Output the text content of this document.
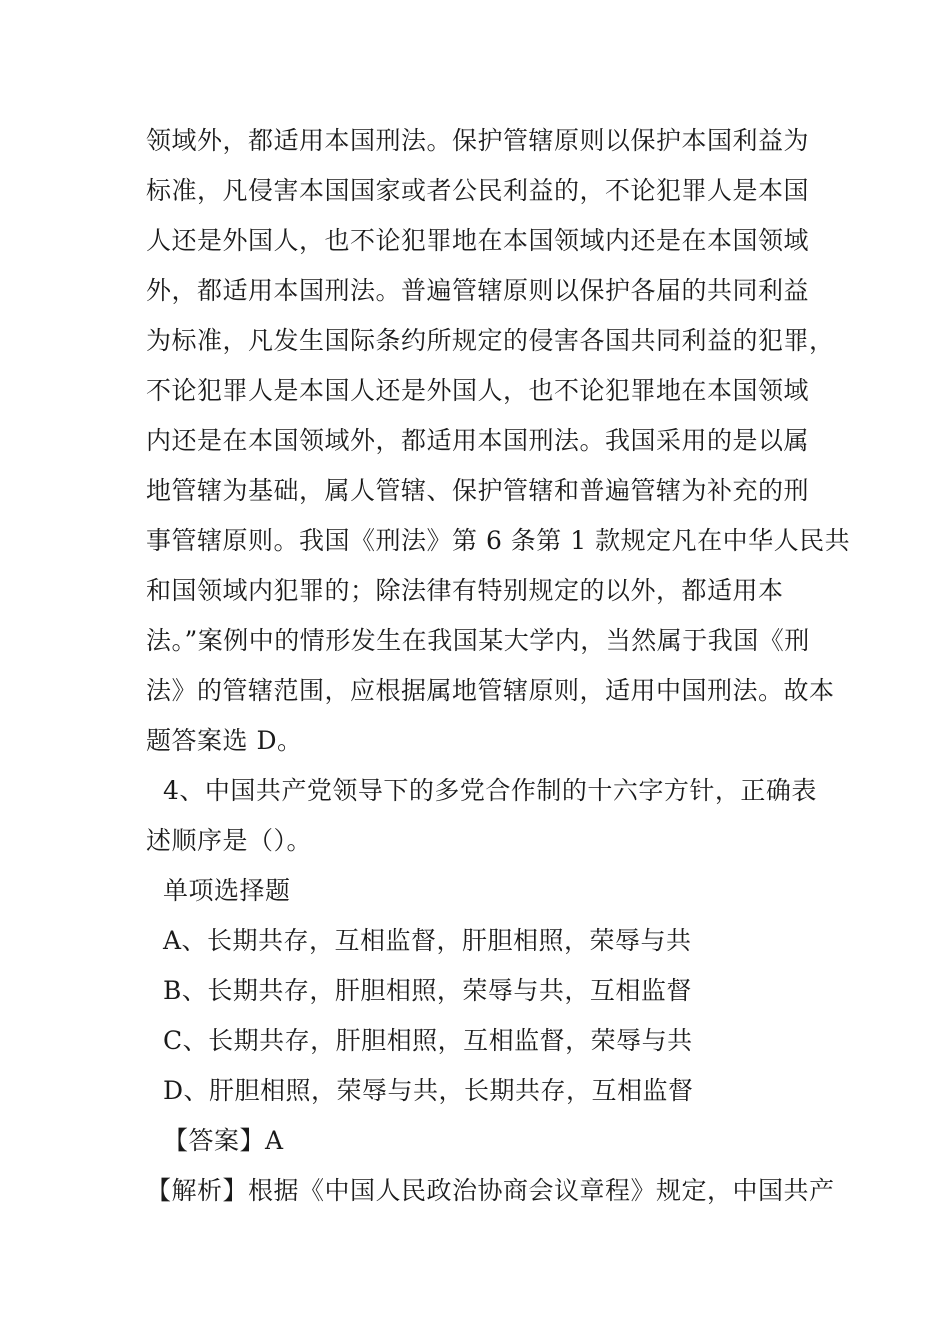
领域外，都适用本国刑法。保护管辖原则以保护本国利益为
标准，凡侵害本国国家或者公民利益的，不论犯罪人是本国
人还是外国人，也不论犯罪地在本国领域内还是在本国领域
外，都适用本国刑法。普遍管辖原则以保护各届的共同利益
为标准，凡发生国际条约所规定的侵害各国共同利益的犯罪，
不论犯罪人是本国人还是外国人，也不论犯罪地在本国领域
内还是在本国领域外，都适用本国刑法。我国采用的是以属
地管辖为基础，属人管辖、保护管辖和普遍管辖为补充的刑
事管辖原则。我国《刑法》第 6 条第 1 款规定凡在中华人民共
和国领域内犯罪的；除法律有特别规定的以外，都适用本
法。”案例中的情形发生在我国某大学内，当然属于我国《刑
法》的管辖范围，应根据属地管辖原则，适用中国刑法。故本
题答案选 D。
4、中国共产党领导下的多党合作制的十六字方针，正确表
述顺序是（）。
单项选择题
A、长期共存，互相监督，肝胆相照，荣辱与共
B、长期共存，肝胆相照，荣辱与共，互相监督
C、长期共存，肝胆相照，互相监督，荣辱与共
D、肝胆相照，荣辱与共，长期共存，互相监督
【答案】A
【解析】根据《中国人民政治协商会议章程》规定，中国共产
